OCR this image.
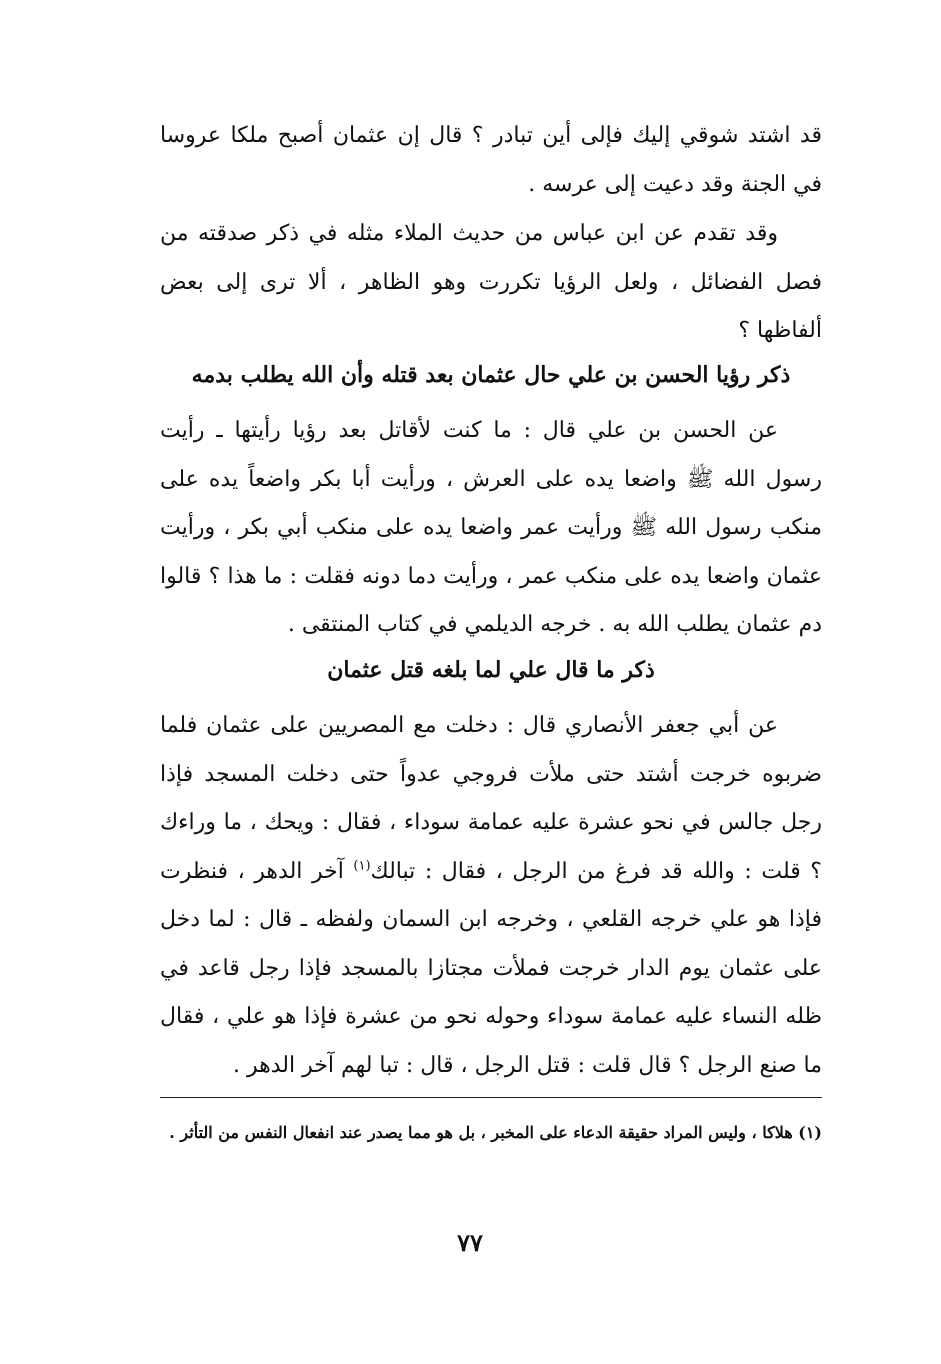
قد اشتد شوقي إليك فإلى أين تبادر ؟ قال إن عثمان أصبح ملكا عروسا في الجنة وقد دعيت إلى عرسه .

وقد تقدم عن ابن عباس من حديث الملاء مثله في ذكر صدقته من فصل الفضائل ، ولعل الرؤيا تكررت وهو الظاهر ، ألا ترى إلى بعض ألفاظها ؟

ذكر رؤيا الحسن بن علي حال عثمان بعد قتله وأن الله يطلب بدمه

عن الحسن بن علي قال : ما كنت لأقاتل بعد رؤيا رأيتها ـ رأيت رسول الله ﷺ واضعا يده على العرش ، ورأيت أبا بكر واضعاً يده على منكب رسول الله ﷺ ورأيت عمر واضعا يده على منكب أبي بكر ، ورأيت عثمان واضعا يده على منكب عمر ، ورأيت دما دونه فقلت : ما هذا ؟ قالوا دم عثمان يطلب الله به . خرجه الديلمي في كتاب المنتقى .

ذكر ما قال علي لما بلغه قتل عثمان

عن أبي جعفر الأنصاري قال : دخلت مع المصريين على عثمان فلما ضربوه خرجت أشتد حتى ملأت فروجي عدواً حتى دخلت المسجد فإذا رجل جالس في نحو عشرة عليه عمامة سوداء ، فقال : ويحك ، ما وراءك ؟ قلت : والله قد فرغ من الرجل ، فقال : تبالك$^{(١)}$ آخر الدهر ، فنظرت فإذا هو علي خرجه القلعي ، وخرجه ابن السمان ولفظه ـ قال : لما دخل على عثمان يوم الدار خرجت فملأت مجتازا بالمسجد فإذا رجل قاعد في ظله النساء عليه عمامة سوداء وحوله نحو من عشرة فإذا هو علي ، فقال ما صنع الرجل ؟ قال قلت : قتل الرجل ، قال : تبا لهم آخر الدهر .

(١) هلاكا ، وليس المراد حقيقة الدعاء على المخبر ، بل هو مما يصدر عند انفعال النفس من التأثر .

٧٧
